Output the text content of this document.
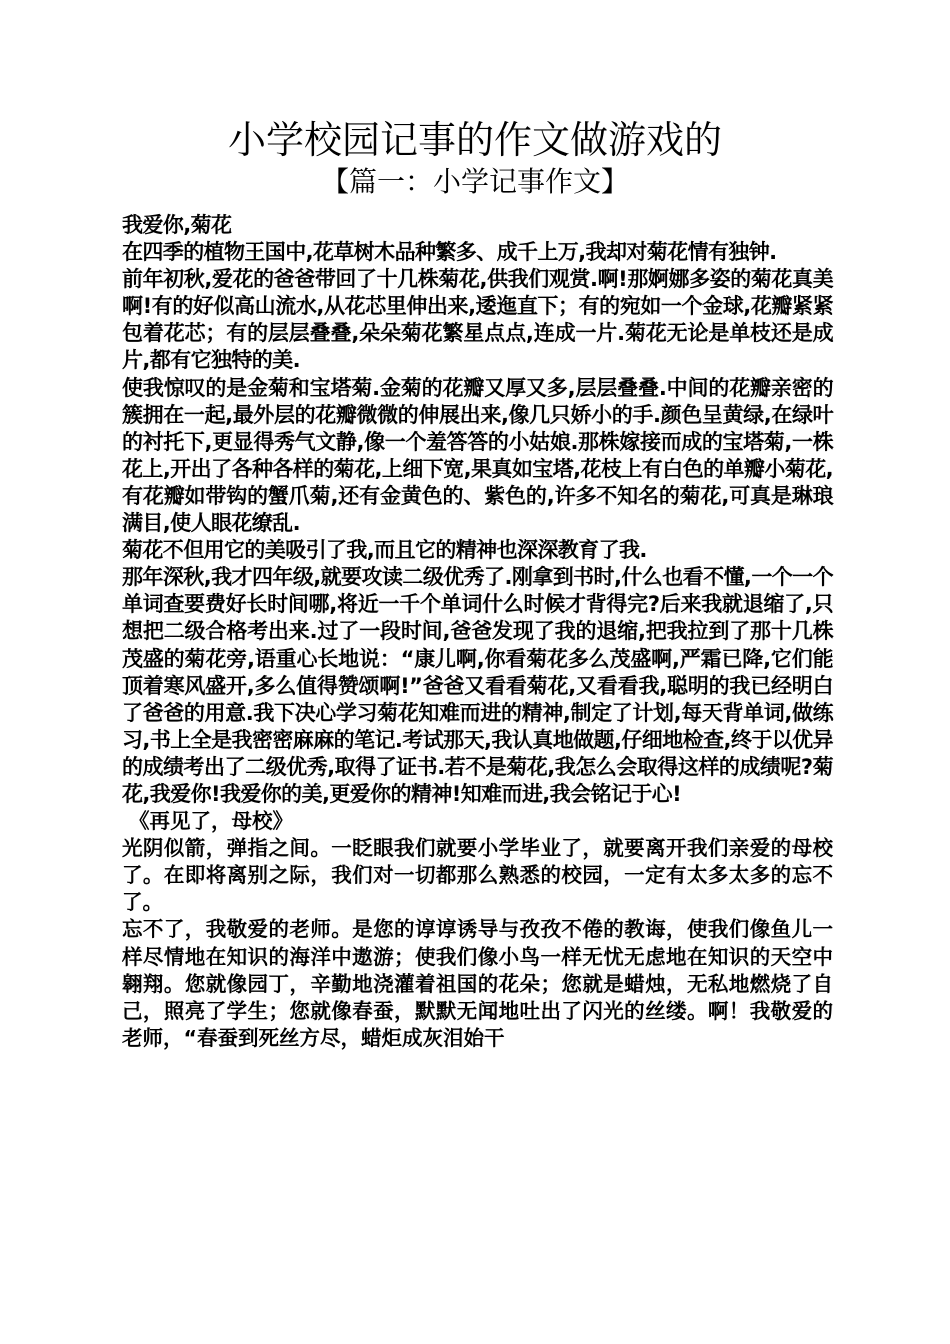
小学校园记事的作文做游戏的
【篇一：小学记事作文】

我爱你,菊花

在四季的植物王国中,花草树木品种繁多、成千上万,我却对菊花情有独钟.

前年初秋,爱花的爸爸带回了十几株菊花,供我们观赏.啊!那婀娜多姿的菊花真美啊!有的好似高山流水,从花芯里伸出来,逶迤直下；有的宛如一个金球,花瓣紧紧包着花芯；有的层层叠叠,朵朵菊花繁星点点,连成一片.菊花无论是单枝还是成片,都有它独特的美.

使我惊叹的是金菊和宝塔菊.金菊的花瓣又厚又多,层层叠叠.中间的花瓣亲密的簇拥在一起,最外层的花瓣微微的伸展出来,像几只娇小的手.颜色呈黄绿,在绿叶的衬托下,更显得秀气文静,像一个羞答答的小姑娘.那株嫁接而成的宝塔菊,一株花上,开出了各种各样的菊花,上细下宽,果真如宝塔,花枝上有白色的单瓣小菊花,有花瓣如带钩的蟹爪菊,还有金黄色的、紫色的,许多不知名的菊花,可真是琳琅满目,使人眼花缭乱.

菊花不但用它的美吸引了我,而且它的精神也深深教育了我.

那年深秋,我才四年级,就要攻读二级优秀了.刚拿到书时,什么也看不懂,一个一个单词查要费好长时间哪,将近一千个单词什么时候才背得完?后来我就退缩了,只想把二级合格考出来.过了一段时间,爸爸发现了我的退缩,把我拉到了那十几株茂盛的菊花旁,语重心长地说：“康儿啊,你看菊花多么茂盛啊,严霜已降,它们能顶着寒风盛开,多么值得赞颂啊!”爸爸又看看菊花,又看看我,聪明的我已经明白了爸爸的用意.我下决心学习菊花知难而进的精神,制定了计划,每天背单词,做练习,书上全是我密密麻麻的笔记.考试那天,我认真地做题,仔细地检查,终于以优异的成绩考出了二级优秀,取得了证书.若不是菊花,我怎么会取得这样的成绩呢?菊花,我爱你!我爱你的美,更爱你的精神!知难而进,我会铭记于心!

《再见了，母校》

光阴似箭，弹指之间。一眨眼我们就要小学毕业了，就要离开我们亲爱的母校了。在即将离别之际，我们对一切都那么熟悉的校园，一定有太多太多的忘不了。

忘不了，我敬爱的老师。是您的谆谆诱导与孜孜不倦的教诲，使我们像鱼儿一样尽情地在知识的海洋中遨游；使我们像小鸟一样无忧无虑地在知识的天空中翱翔。您就像园丁，辛勤地浇灌着祖国的花朵；您就是蜡烛，无私地燃烧了自己，照亮了学生；您就像春蚕，默默无闻地吐出了闪光的丝缕。啊！我敬爱的老师，“春蚕到死丝方尽，蜡炬成灰泪始干
